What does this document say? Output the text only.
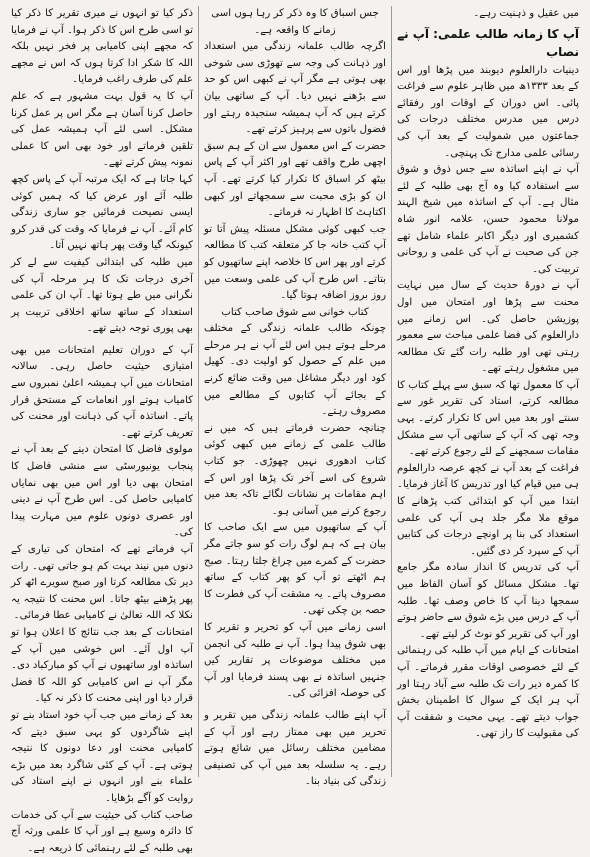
میں عقیل و ذہنیت رہے۔

آپ کا زمانہ طالب علمی: آپ نے نصاب

دینیات دارالعلوم دیوبند میں پڑھا اور اس کے بعد ۱۳۳۳ھ میں ظاہر علوم سے فراغت پائی۔ اس دوران کے اوقات اور رفقائے درس میں مدرس مختلف درجات کی جماعتوں میں شمولیت کے بعد آپ کی رسائی علمی مدارج تک پہنچی۔

آپ نے اپنے اساتذہ سے جس ذوق و شوق سے استفادہ کیا وہ آج بھی طلبہ کے لئے مثال ہے۔ آپ کے اساتذہ میں شیخ الہند مولانا محمود حسن، علامہ انور شاہ کشمیری اور دیگر اکابر علماء شامل تھے جن کی صحبت نے آپ کی علمی و روحانی تربیت کی۔

آپ نے دورۂ حدیث کے سال میں نہایت محنت سے پڑھا اور امتحان میں اول پوزیشن حاصل کی۔ اس زمانے میں دارالعلوم کی فضا علمی مباحث سے معمور رہتی تھی اور طلبہ رات گئے تک مطالعہ میں مشغول رہتے تھے۔

آپ کا معمول تھا کہ سبق سے پہلے کتاب کا مطالعہ کرتے، استاد کی تقریر غور سے سنتے اور بعد میں اس کا تکرار کرتے۔ یہی وجہ تھی کہ آپ کے ساتھی آپ سے مشکل مقامات سمجھنے کے لئے رجوع کرتے تھے۔

فراغت کے بعد آپ نے کچھ عرصہ دارالعلوم ہی میں قیام کیا اور تدریس کا آغاز فرمایا۔ ابتدا میں آپ کو ابتدائی کتب پڑھانے کا موقع ملا مگر جلد ہی آپ کی علمی استعداد کی بنا پر اونچے درجات کی کتابیں آپ کے سپرد کر دی گئیں۔

آپ کی تدریس کا انداز سادہ مگر جامع تھا۔ مشکل مسائل کو آسان الفاظ میں سمجھا دینا آپ کا خاص وصف تھا۔ طلبہ آپ کے درس میں بڑے شوق سے حاضر ہوتے اور آپ کی تقریر کو نوٹ کر لیتے تھے۔

امتحانات کے ایام میں آپ طلبہ کی رہنمائی کے لئے خصوصی اوقات مقرر فرماتے۔ آپ کا کمرہ دیر رات تک طلبہ سے آباد رہتا اور آپ ہر ایک کے سوال کا اطمینان بخش جواب دیتے تھے۔ یہی محبت و شفقت آپ کی مقبولیت کا راز تھی۔

جس اسباق کا وہ ذکر کر رہا ہوں اسی زمانے کا واقعہ ہے۔

اگرچہ طالب علمانہ زندگی میں استعداد اور ذہانت کی وجہ سے تھوڑی سی شوخی بھی ہوتی ہے مگر آپ نے کبھی اس کو حد سے بڑھنے نہیں دیا۔ آپ کے ساتھی بیان کرتے ہیں کہ آپ ہمیشہ سنجیدہ رہتے اور فضول باتوں سے پرہیز کرتے تھے۔

حضرت کے اس معمول سے ان کے ہم سبق اچھی طرح واقف تھے اور اکثر آپ کے پاس بیٹھ کر اسباق کا تکرار کیا کرتے تھے۔ آپ ان کو بڑی محبت سے سمجھاتے اور کبھی اکتاہٹ کا اظہار نہ فرماتے۔

جب کبھی کوئی مشکل مسئلہ پیش آتا تو آپ کتب خانہ جا کر متعلقہ کتب کا مطالعہ کرتے اور پھر اس کا خلاصہ اپنے ساتھیوں کو بتاتے۔ اس طرح آپ کی علمی وسعت میں روز بروز اضافہ ہوتا گیا۔

کتاب خوانی سے شوق صاحب کتاب

چونکہ طالب علمانہ زندگی کے مختلف مرحلے ہوتے ہیں اس لئے آپ نے ہر مرحلے میں علم کے حصول کو اولیت دی۔ کھیل کود اور دیگر مشاغل میں وقت ضائع کرنے کے بجائے آپ کتابوں کے مطالعے میں مصروف رہتے۔

چنانچہ حضرت فرماتے ہیں کہ میں نے طالب علمی کے زمانے میں کبھی کوئی کتاب ادھوری نہیں چھوڑی۔ جو کتاب شروع کی اسے آخر تک پڑھا اور اس کے اہم مقامات پر نشانات لگائے تاکہ بعد میں رجوع کرنے میں آسانی ہو۔

آپ کے ساتھیوں میں سے ایک صاحب کا بیان ہے کہ ہم لوگ رات کو سو جاتے مگر حضرت کے کمرے میں چراغ جلتا رہتا۔ صبح ہم اٹھتے تو آپ کو پھر کتاب کے ساتھ مصروف پاتے۔ یہ مشقت آپ کی فطرت کا حصہ بن چکی تھی۔

اسی زمانے میں آپ کو تحریر و تقریر کا بھی شوق پیدا ہوا۔ آپ نے طلبہ کی انجمن میں مختلف موضوعات پر تقاریر کیں جنہیں اساتذہ نے بھی پسند فرمایا اور آپ کی حوصلہ افزائی کی۔

آپ اپنے طالب علمانہ زندگی میں تقریر و تحریر میں بھی ممتاز رہے اور آپ کے مضامین مختلف رسائل میں شائع ہوتے رہے۔ یہ سلسلہ بعد میں آپ کی تصنیفی زندگی کی بنیاد بنا۔

ذکر کیا تو انہوں نے میری تقریر کا ذکر کیا تو اسی طرح اس کا ذکر ہوا۔ آپ نے فرمایا کہ مجھے اپنی کامیابی پر فخر نہیں بلکہ اللہ کا شکر ادا کرتا ہوں کہ اس نے مجھے علم کی طرف راغب فرمایا۔

آپ کا یہ قول بہت مشہور ہے کہ علم حاصل کرنا آسان ہے مگر اس پر عمل کرنا مشکل۔ اسی لئے آپ ہمیشہ عمل کی تلقین فرماتے اور خود بھی اس کا عملی نمونہ پیش کرتے تھے۔

کہا جاتا ہے کہ ایک مرتبہ آپ کے پاس کچھ طلبہ آئے اور عرض کیا کہ ہمیں کوئی ایسی نصیحت فرمائیں جو ساری زندگی کام آئے۔ آپ نے فرمایا کہ وقت کی قدر کرو کیونکہ گیا وقت پھر ہاتھ نہیں آتا۔

میں طلبہ کی ابتدائی کیفیت سے لے کر آخری درجات تک کا ہر مرحلہ آپ کی نگرانی میں طے ہوتا تھا۔ آپ ان کی علمی استعداد کے ساتھ ساتھ اخلاقی تربیت پر بھی پوری توجہ دیتے تھے۔

آپ کے دوران تعلیم امتحانات میں بھی امتیازی حیثیت حاصل رہی۔ سالانہ امتحانات میں آپ ہمیشہ اعلیٰ نمبروں سے کامیاب ہوتے اور انعامات کے مستحق قرار پاتے۔ اساتذہ آپ کی ذہانت اور محنت کی تعریف کرتے تھے۔

مولوی فاضل کا امتحان دینے کے بعد آپ نے پنجاب یونیورسٹی سے منشی فاضل کا امتحان بھی دیا اور اس میں بھی نمایاں کامیابی حاصل کی۔ اس طرح آپ نے دینی اور عصری دونوں علوم میں مہارت پیدا کی۔

آپ فرماتے تھے کہ امتحان کی تیاری کے دنوں میں نیند بہت کم ہو جاتی تھی۔ رات دیر تک مطالعہ کرتا اور صبح سویرے اٹھ کر پھر پڑھنے بیٹھ جاتا۔ اس محنت کا نتیجہ یہ نکلا کہ اللہ تعالیٰ نے کامیابی عطا فرمائی۔

امتحانات کے بعد جب نتائج کا اعلان ہوا تو آپ اول آئے۔ اس خوشی میں آپ کے اساتذہ اور ساتھیوں نے آپ کو مبارکباد دی۔ مگر آپ نے اس کامیابی کو اللہ کا فضل قرار دیا اور اپنی محنت کا ذکر نہ کیا۔

بعد کے زمانے میں جب آپ خود استاد بنے تو اپنے شاگردوں کو یہی سبق دیتے کہ کامیابی محنت اور دعا دونوں کا نتیجہ ہوتی ہے۔ آپ کے کئی شاگرد بعد میں بڑے علماء بنے اور انہوں نے اپنے استاد کی روایت کو آگے بڑھایا۔

صاحب کتاب کی حیثیت سے آپ کی خدمات کا دائرہ وسیع ہے اور آپ کا علمی ورثہ آج بھی طلبہ کے لئے رہنمائی کا ذریعہ ہے۔
